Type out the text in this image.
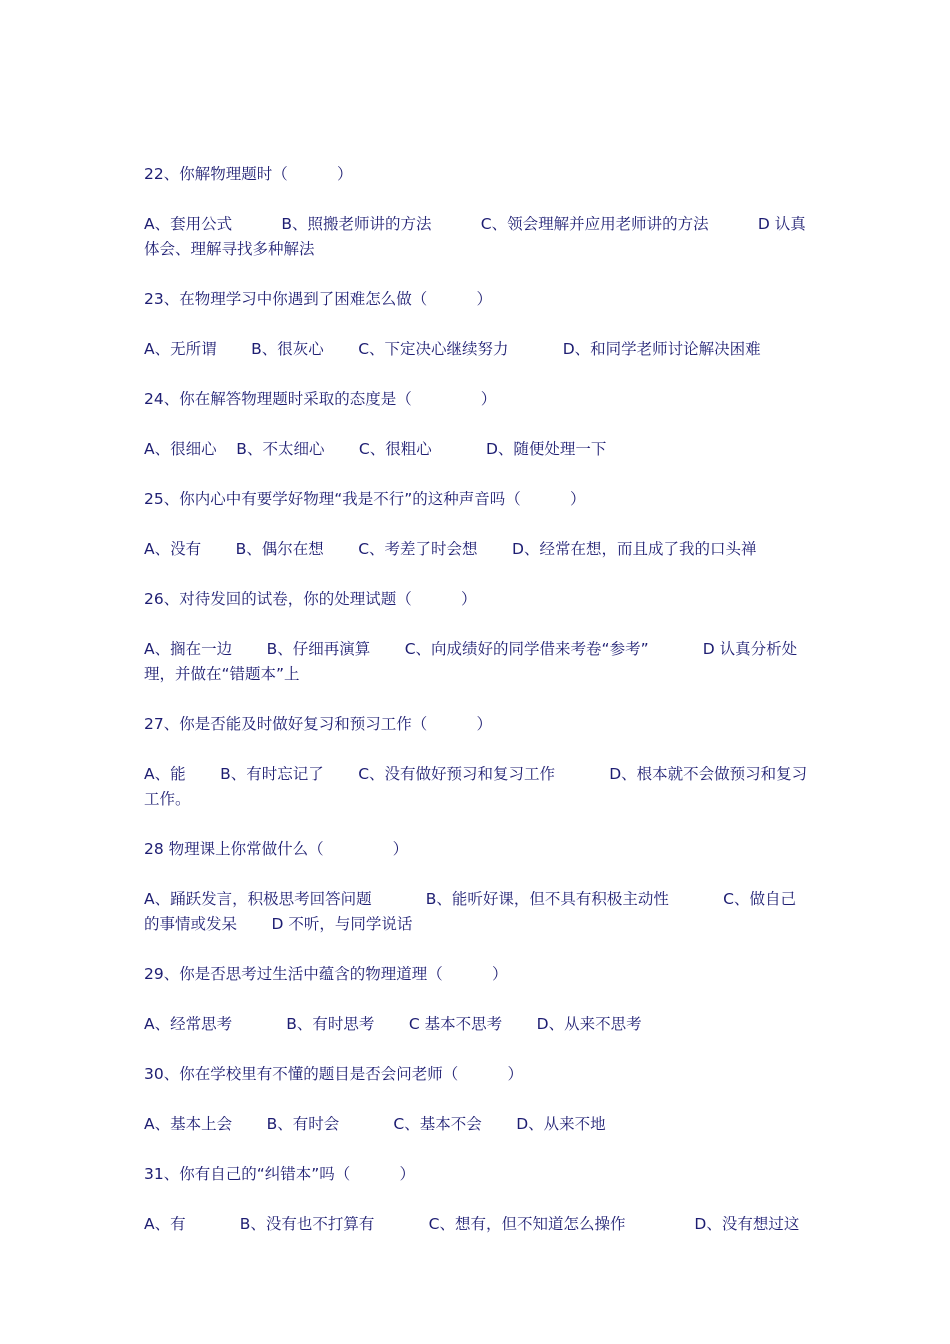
22、你解物理题时（          ）

A、套用公式          B、照搬老师讲的方法          C、领会理解并应用老师讲的方法          D 认真体会、理解寻找多种解法

23、在物理学习中你遇到了困难怎么做（          ）

A、无所谓       B、很灰心       C、下定决心继续努力           D、和同学老师讨论解决困难

24、你在解答物理题时采取的态度是（              ）

A、很细心    B、不太细心       C、很粗心           D、随便处理一下

25、你内心中有要学好物理“我是不行”的这种声音吗（          ）

A、没有       B、偶尔在想       C、考差了时会想       D、经常在想，而且成了我的口头禅

26、对待发回的试卷，你的处理试题（          ）

A、搁在一边       B、仔细再演算       C、向成绩好的同学借来考卷“参考”           D 认真分析处理，并做在“错题本”上

27、你是否能及时做好复习和预习工作（          ）

A、能       B、有时忘记了       C、没有做好预习和复习工作           D、根本就不会做预习和复习工作。

28 物理课上你常做什么（              ）

A、踊跃发言，积极思考回答问题           B、能听好课，但不具有积极主动性           C、做自己的事情或发呆       D 不听，与同学说话

29、你是否思考过生活中蕴含的物理道理（          ）

A、经常思考           B、有时思考       C 基本不思考       D、从来不思考

30、你在学校里有不懂的题目是否会问老师（          ）

A、基本上会       B、有时会           C、基本不会       D、从来不地

31、你有自己的“纠错本”吗（          ）

A、有           B、没有也不打算有           C、想有，但不知道怎么操作              D、没有想过这
